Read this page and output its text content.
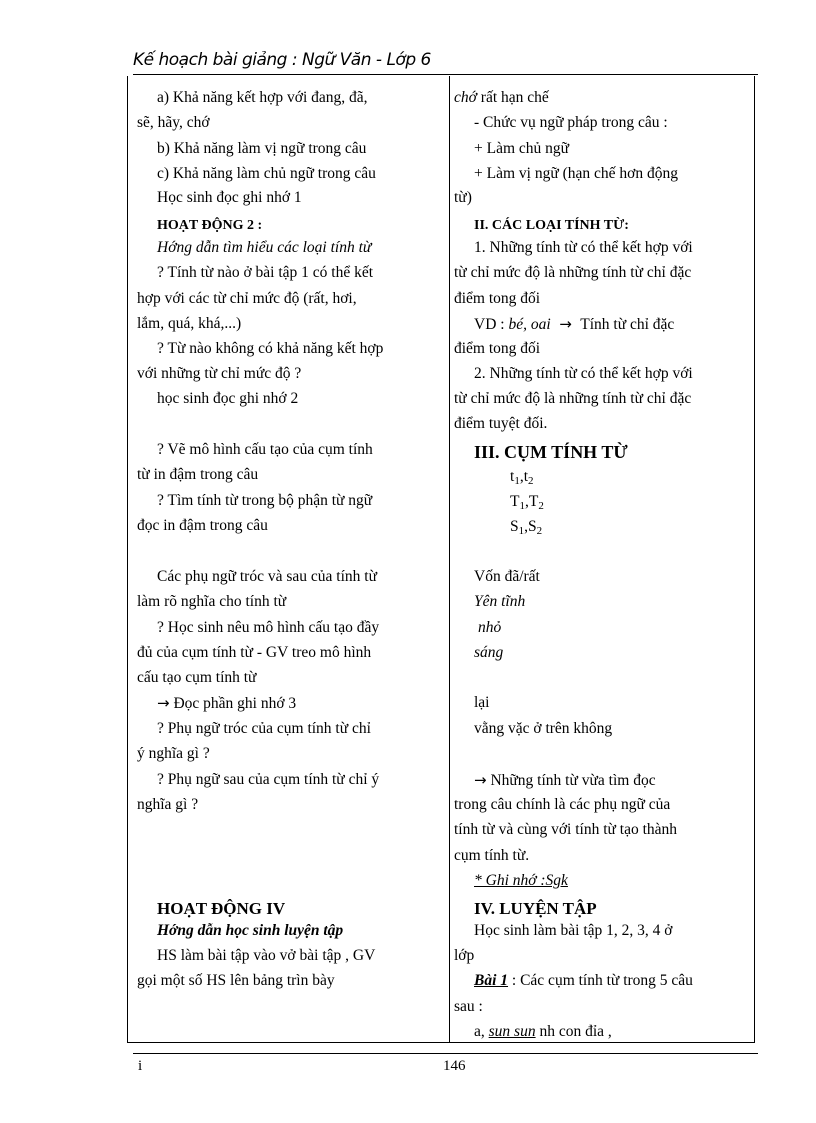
Kế hoạch bài giảng : Ngữ Văn - Lớp 6
a) Khả năng kết hợp với đang, đã,
sẽ, hãy, chớ
b) Khả năng làm vị ngữ trong câu
c) Khả năng làm chủ ngữ trong câu
Học sinh đọc ghi nhớ 1
HOẠT ĐỘNG 2 :
Hớng dẫn tìm hiểu các loại tính từ
? Tính từ nào ở bài tập 1 có thể kết
hợp với các từ chỉ mức độ (rất, hơi,
lắm, quá, khá,...)
? Từ nào không có khả năng kết hợp
với những từ chỉ mức độ ?
học sinh đọc ghi nhớ 2
? Vẽ mô hình cấu tạo của cụm tính
từ in đậm trong câu
? Tìm tính từ trong bộ phận từ ngữ
đọc in đậm trong câu
Các phụ ngữ tróc và sau của tính từ
làm rõ nghĩa cho tính từ
? Học sinh nêu mô hình cấu tạo đầy
đủ của cụm tính từ - GV treo mô hình
cấu tạo cụm tính từ
→ Đọc phần ghi nhớ 3
? Phụ ngữ tróc của cụm tính từ chỉ
ý nghĩa gì ?
? Phụ ngữ sau của cụm tính từ chỉ ý
nghĩa gì ?
HOẠT ĐỘNG IV
Hớng dẫn học sinh luyện tập
HS làm bài tập vào vở bài tập , GV
gọi một số HS lên bảng trìn bày
chớ rất hạn chế
- Chức vụ ngữ pháp trong câu :
+ Làm chủ ngữ
+ Làm vị ngữ (hạn chế hơn động
từ)
II. CÁC LOẠI TÍNH TỪ:
1. Những tính từ có thể kết hợp với
từ chỉ mức độ là những tính từ chỉ đặc
điểm tong đối
VD : bé, oai  →  Tính từ chỉ đặc
điểm tong đối
2. Những tính từ có thể kết hợp với
từ chỉ mức độ là những tính từ chỉ đặc
điểm tuyệt đối.
III. CỤM TÍNH TỪ
$t_1,t_2$
$T_1,T_2$
$S_1,S_2$
Vốn đã/rất
Yên tĩnh
nhỏ
sáng
lại
vằng vặc ở trên không
→ Những tính từ vừa tìm đọc
trong câu chính là các phụ ngữ của
tính từ và cùng với tính từ tạo thành
cụm tính từ.
* Ghi nhớ :Sgk
IV. LUYỆN TẬP
Học sinh làm bài tập 1, 2, 3, 4 ở
lớp
Bài 1 : Các cụm tính từ trong 5 câu
sau :
a, sun sun nh con đỉa ,
i	146
